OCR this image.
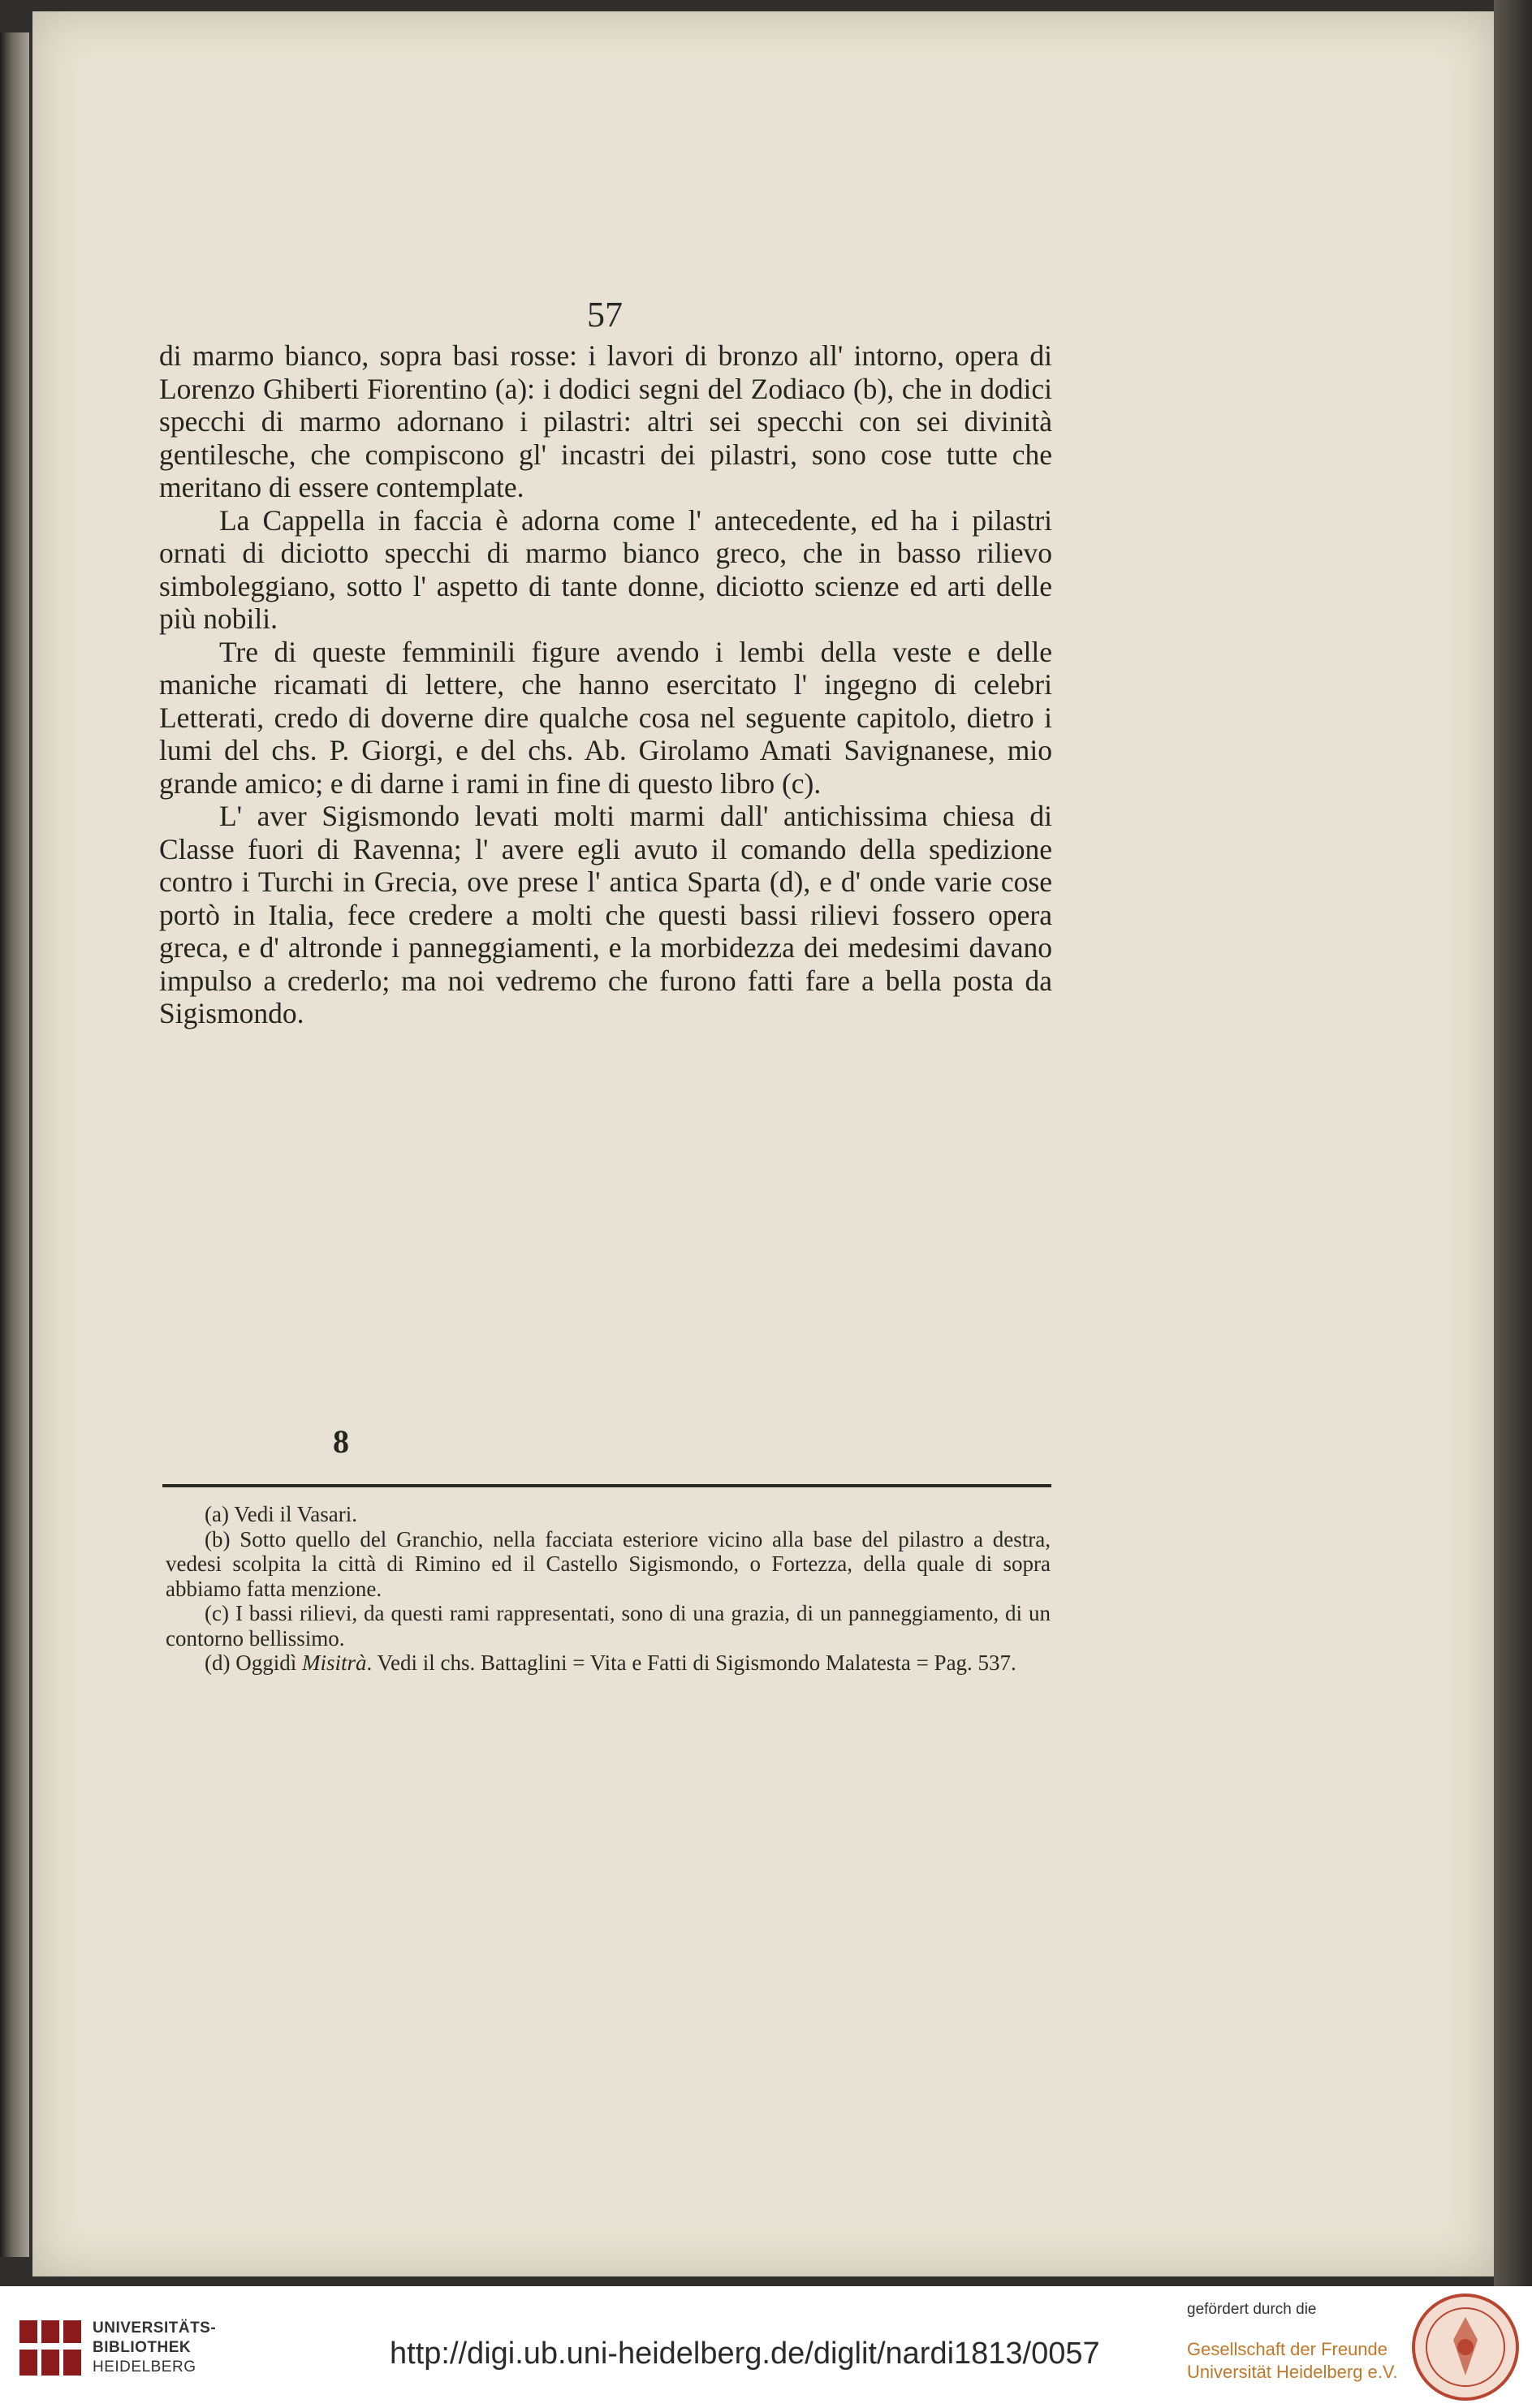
57

di marmo bianco, sopra basi rosse: i lavori di bronzo all' intorno, opera di Lorenzo Ghiberti Fiorentino (a): i dodici segni del Zodiaco (b), che in dodici specchi di marmo adornano i pilastri: altri sei specchi con sei divinità gentilesche, che compiscono gl' incastri dei pilastri, sono cose tutte che meritano di essere contemplate.

La Cappella in faccia è adorna come l' antecedente, ed ha i pilastri ornati di diciotto specchi di marmo bianco greco, che in basso rilievo simboleggiano, sotto l' aspetto di tante donne, diciotto scienze ed arti delle più nobili.

Tre di queste femminili figure avendo i lembi della veste e delle maniche ricamati di lettere, che hanno esercitato l' ingegno di celebri Letterati, credo di doverne dire qualche cosa nel seguente capitolo, dietro i lumi del chs. P. Giorgi, e del chs. Ab. Girolamo Amati Savignanese, mio grande amico; e di darne i rami in fine di questo libro (c).

L' aver Sigismondo levati molti marmi dall' antichissima chiesa di Classe fuori di Ravenna; l' avere egli avuto il comando della spedizione contro i Turchi in Grecia, ove prese l' antica Sparta (d), e d' onde varie cose portò in Italia, fece credere a molti che questi bassi rilievi fossero opera greca, e d' altronde i panneggiamenti, e la morbidezza dei medesimi davano impulso a crederlo; ma noi vedremo che furono fatti fare a bella posta da Sigismondo.

8

(a) Vedi il Vasari.

(b) Sotto quello del Granchio, nella facciata esteriore vicino alla base del pilastro a destra, vedesi scolpita la città di Rimino ed il Castello Sigismondo, o Fortezza, della quale di sopra abbiamo fatta menzione.

(c) I bassi rilievi, da questi rami rappresentati, sono di una grazia, di un panneggiamento, di un contorno bellissimo.

(d) Oggidì Misitrà. Vedi il chs. Battaglini = Vita e Fatti di Sigismondo Malatesta = Pag. 537.

UNIVERSITÄTS-
BIBLIOTHEK
HEIDELBERG	http://digi.ub.uni-heidelberg.de/diglit/nardi1813/0057
gefördert durch die
Gesellschaft der Freunde
Universität Heidelberg e.V.
